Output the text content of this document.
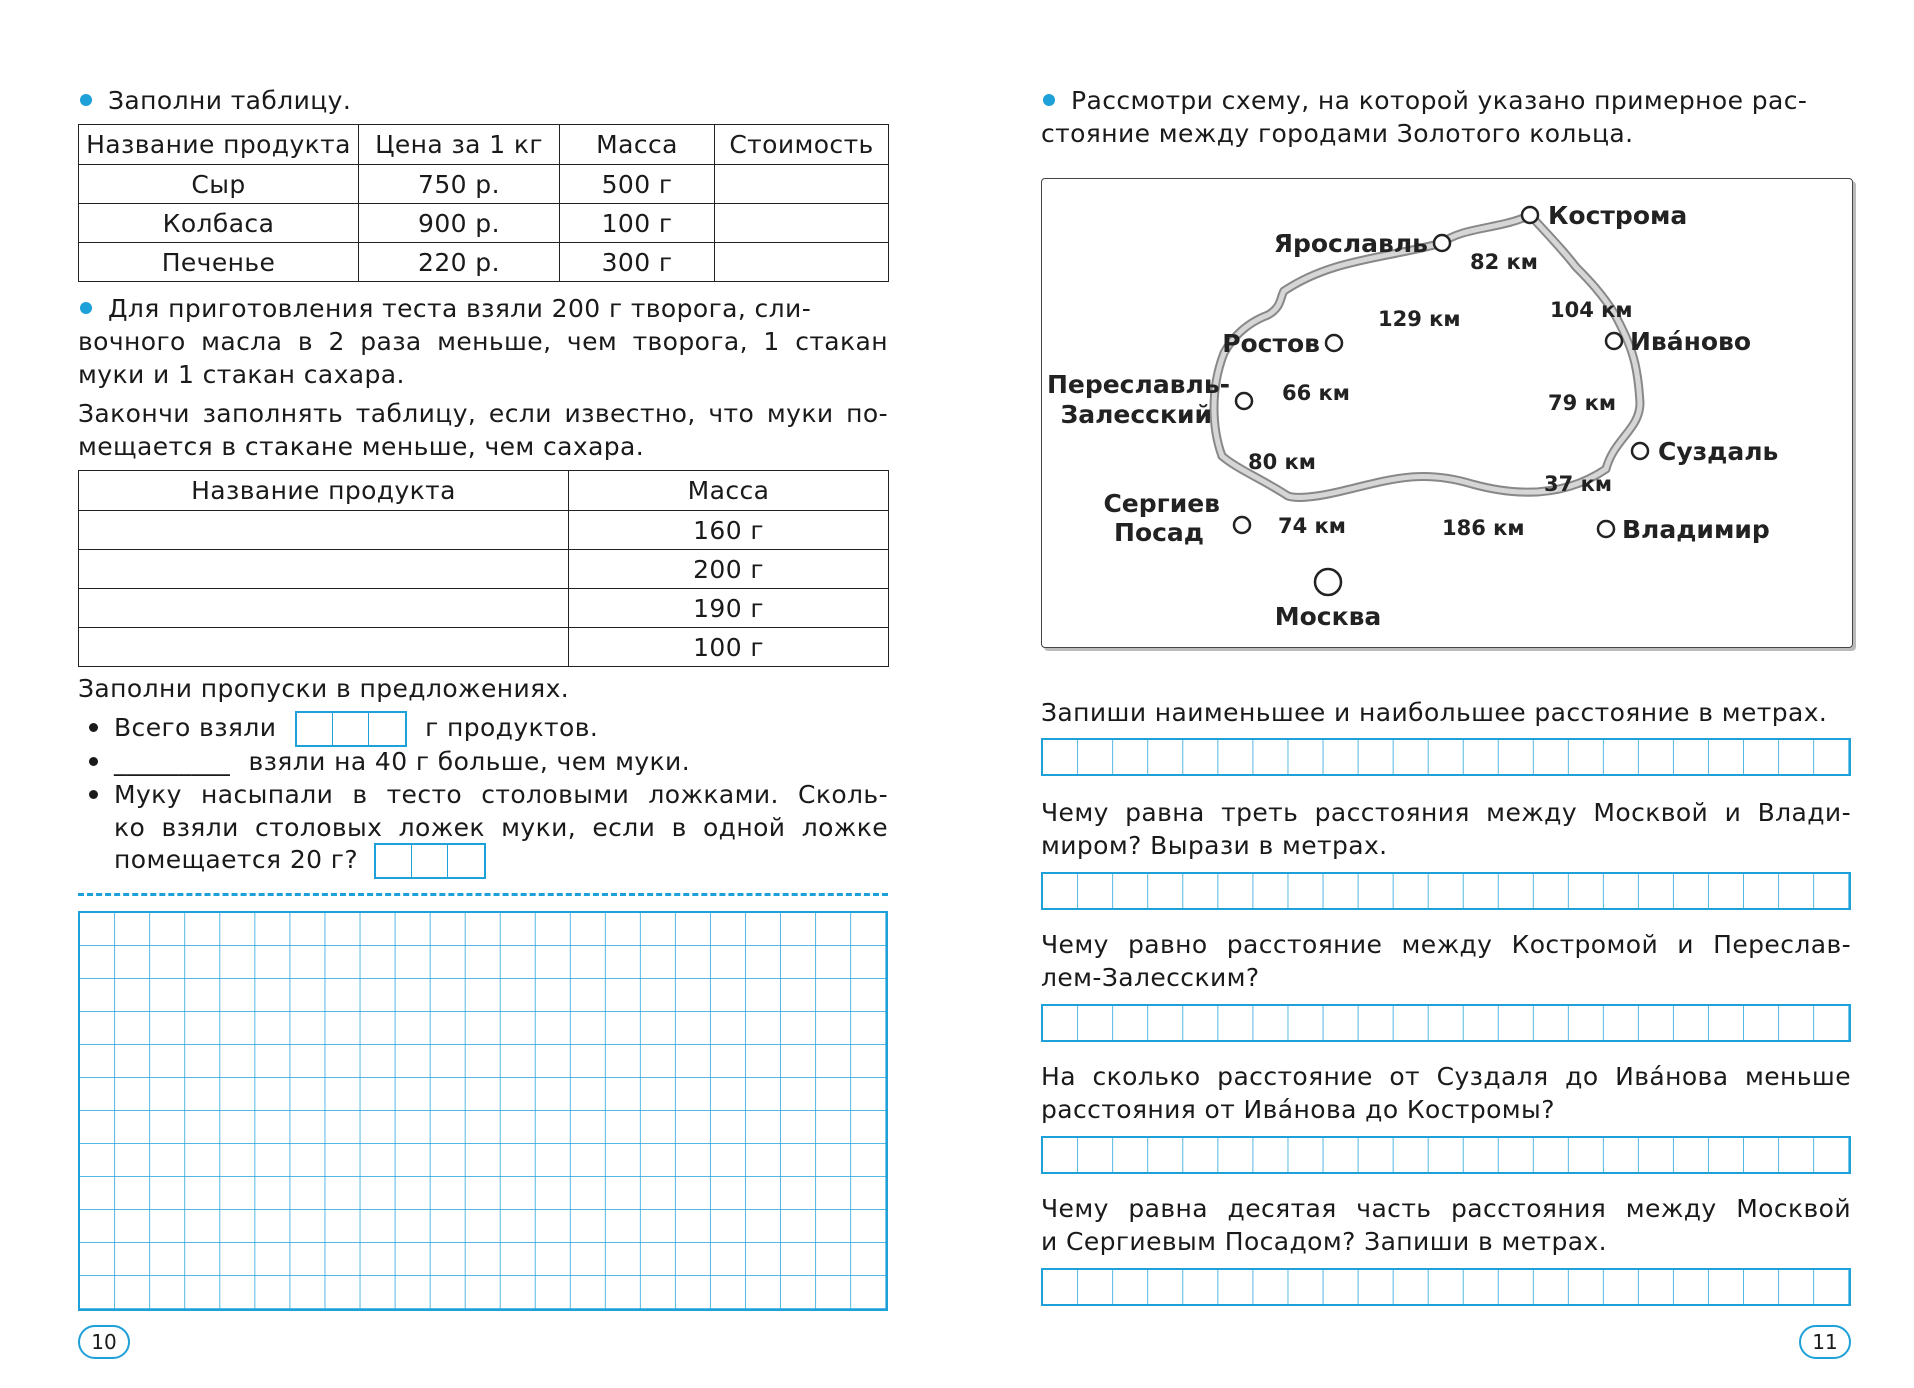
Заполни таблицу.
Название продукта	Цена за 1 кг	Масса	Стоимость
Сыр	750 р.	500 г	
Колбаса	900 р.	100 г	
Печенье	220 р.	300 г	
Для приготовления теста взяли 200 г творога, сли-
вочного масла в 2 раза меньше, чем творога, 1 стакан
муки и 1 стакан сахара.
Закончи заполнять таблицу, если известно, что муки по-
мещается в стакане меньше, чем сахара.
Название продукта	Масса
	160 г
	200 г
	190 г
	100 г
Заполни пропуски в предложениях.
Всего взяли	г продуктов.
_________ взяли на 40 г больше, чем муки.
Муку насыпали в тесто столовыми ложками. Сколь-
ко взяли столовых ложек муки, если в одной ложке
помещается 20 г?
10
Рассмотри схему, на которой указано примерное рас-
стояние между городами Золотого кольца.
Кострома
Ярославль
Ростов	Ива́ново
Переславль-
Залесский
Суздаль
Сергиев
Посад	Владимир
Москва
82 км
129 км	104 км
66 км	79 км
80 км
37 км
74 км	186 км
Запиши наименьшее и наибольшее расстояние в метрах.
Чему равна треть расстояния между Москвой и Влади-
миром? Вырази в метрах.
Чему равно расстояние между Костромой и Переслав-
лем-Залесским?
На сколько расстояние от Суздаля до Ива́нова меньше
расстояния от Ива́нова до Костромы?
Чему равна десятая часть расстояния между Москвой
и Сергиевым Посадом? Запиши в метрах.
11
